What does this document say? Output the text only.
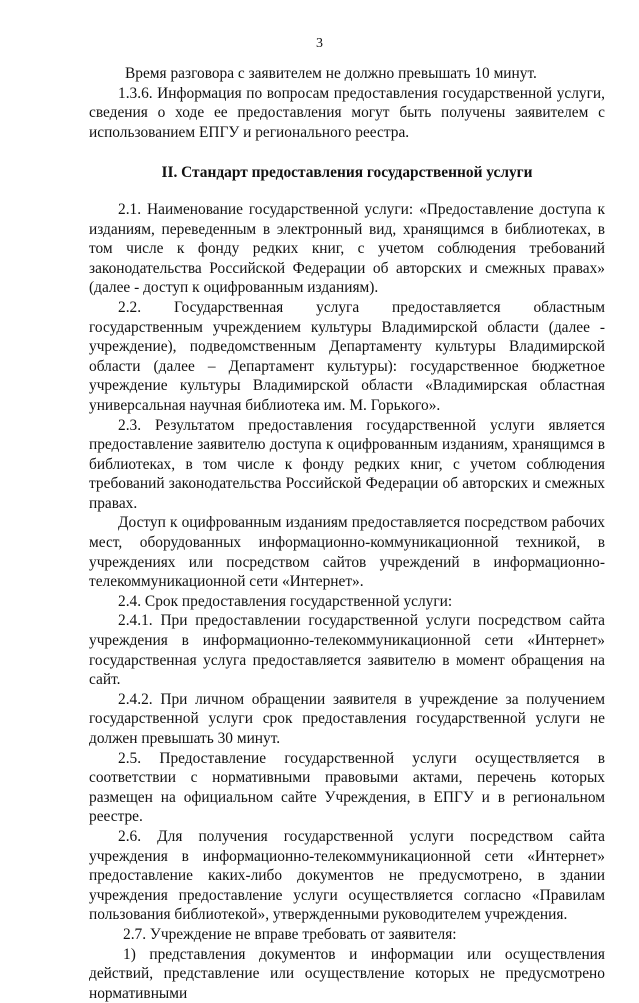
3

Время разговора с заявителем не должно превышать 10 минут.

1.3.6. Информация по вопросам предоставления государственной услуги, сведения о ходе ее предоставления могут быть получены заявителем с использованием ЕПГУ и регионального реестра.

II. Стандарт предоставления государственной услуги

2.1. Наименование государственной услуги: «Предоставление доступа к изданиям, переведенным в электронный вид, хранящимся в библиотеках, в том числе к фонду редких книг, с учетом соблюдения требований законодательства Российской Федерации об авторских и смежных правах» (далее - доступ к оцифрованным изданиям).

2.2. Государственная услуга предоставляется областным государственным учреждением культуры Владимирской области (далее - учреждение), подведомственным Департаменту культуры Владимирской области (далее – Департамент культуры): государственное бюджетное учреждение культуры Владимирской области «Владимирская областная универсальная научная библиотека им. М. Горького».

2.3. Результатом предоставления государственной услуги является предоставление заявителю доступа к оцифрованным изданиям, хранящимся в библиотеках, в том числе к фонду редких книг, с учетом соблюдения требований законодательства Российской Федерации об авторских и смежных правах.

Доступ к оцифрованным изданиям предоставляется посредством рабочих мест, оборудованных информационно-коммуникационной техникой, в учреждениях или посредством сайтов учреждений в информационно-телекоммуникационной сети «Интернет».

2.4. Срок предоставления государственной услуги:

2.4.1. При предоставлении государственной услуги посредством сайта учреждения в информационно-телекоммуникационной сети «Интернет» государственная услуга предоставляется заявителю в момент обращения на сайт.

2.4.2. При личном обращении заявителя в учреждение за получением государственной услуги срок предоставления государственной услуги не должен превышать 30 минут.

2.5. Предоставление государственной услуги осуществляется в соответствии с нормативными правовыми актами, перечень которых размещен на официальном сайте Учреждения, в ЕПГУ и в региональном реестре.

2.6. Для получения государственной услуги посредством сайта учреждения в информационно-телекоммуникационной сети «Интернет» предоставление каких-либо документов не предусмотрено, в здании учреждения предоставление услуги осуществляется согласно «Правилам пользования библиотекой», утвержденными руководителем учреждения.

2.7. Учреждение не вправе требовать от заявителя:

1) представления документов и информации или осуществления действий, представление или осуществление которых не предусмотрено нормативными
